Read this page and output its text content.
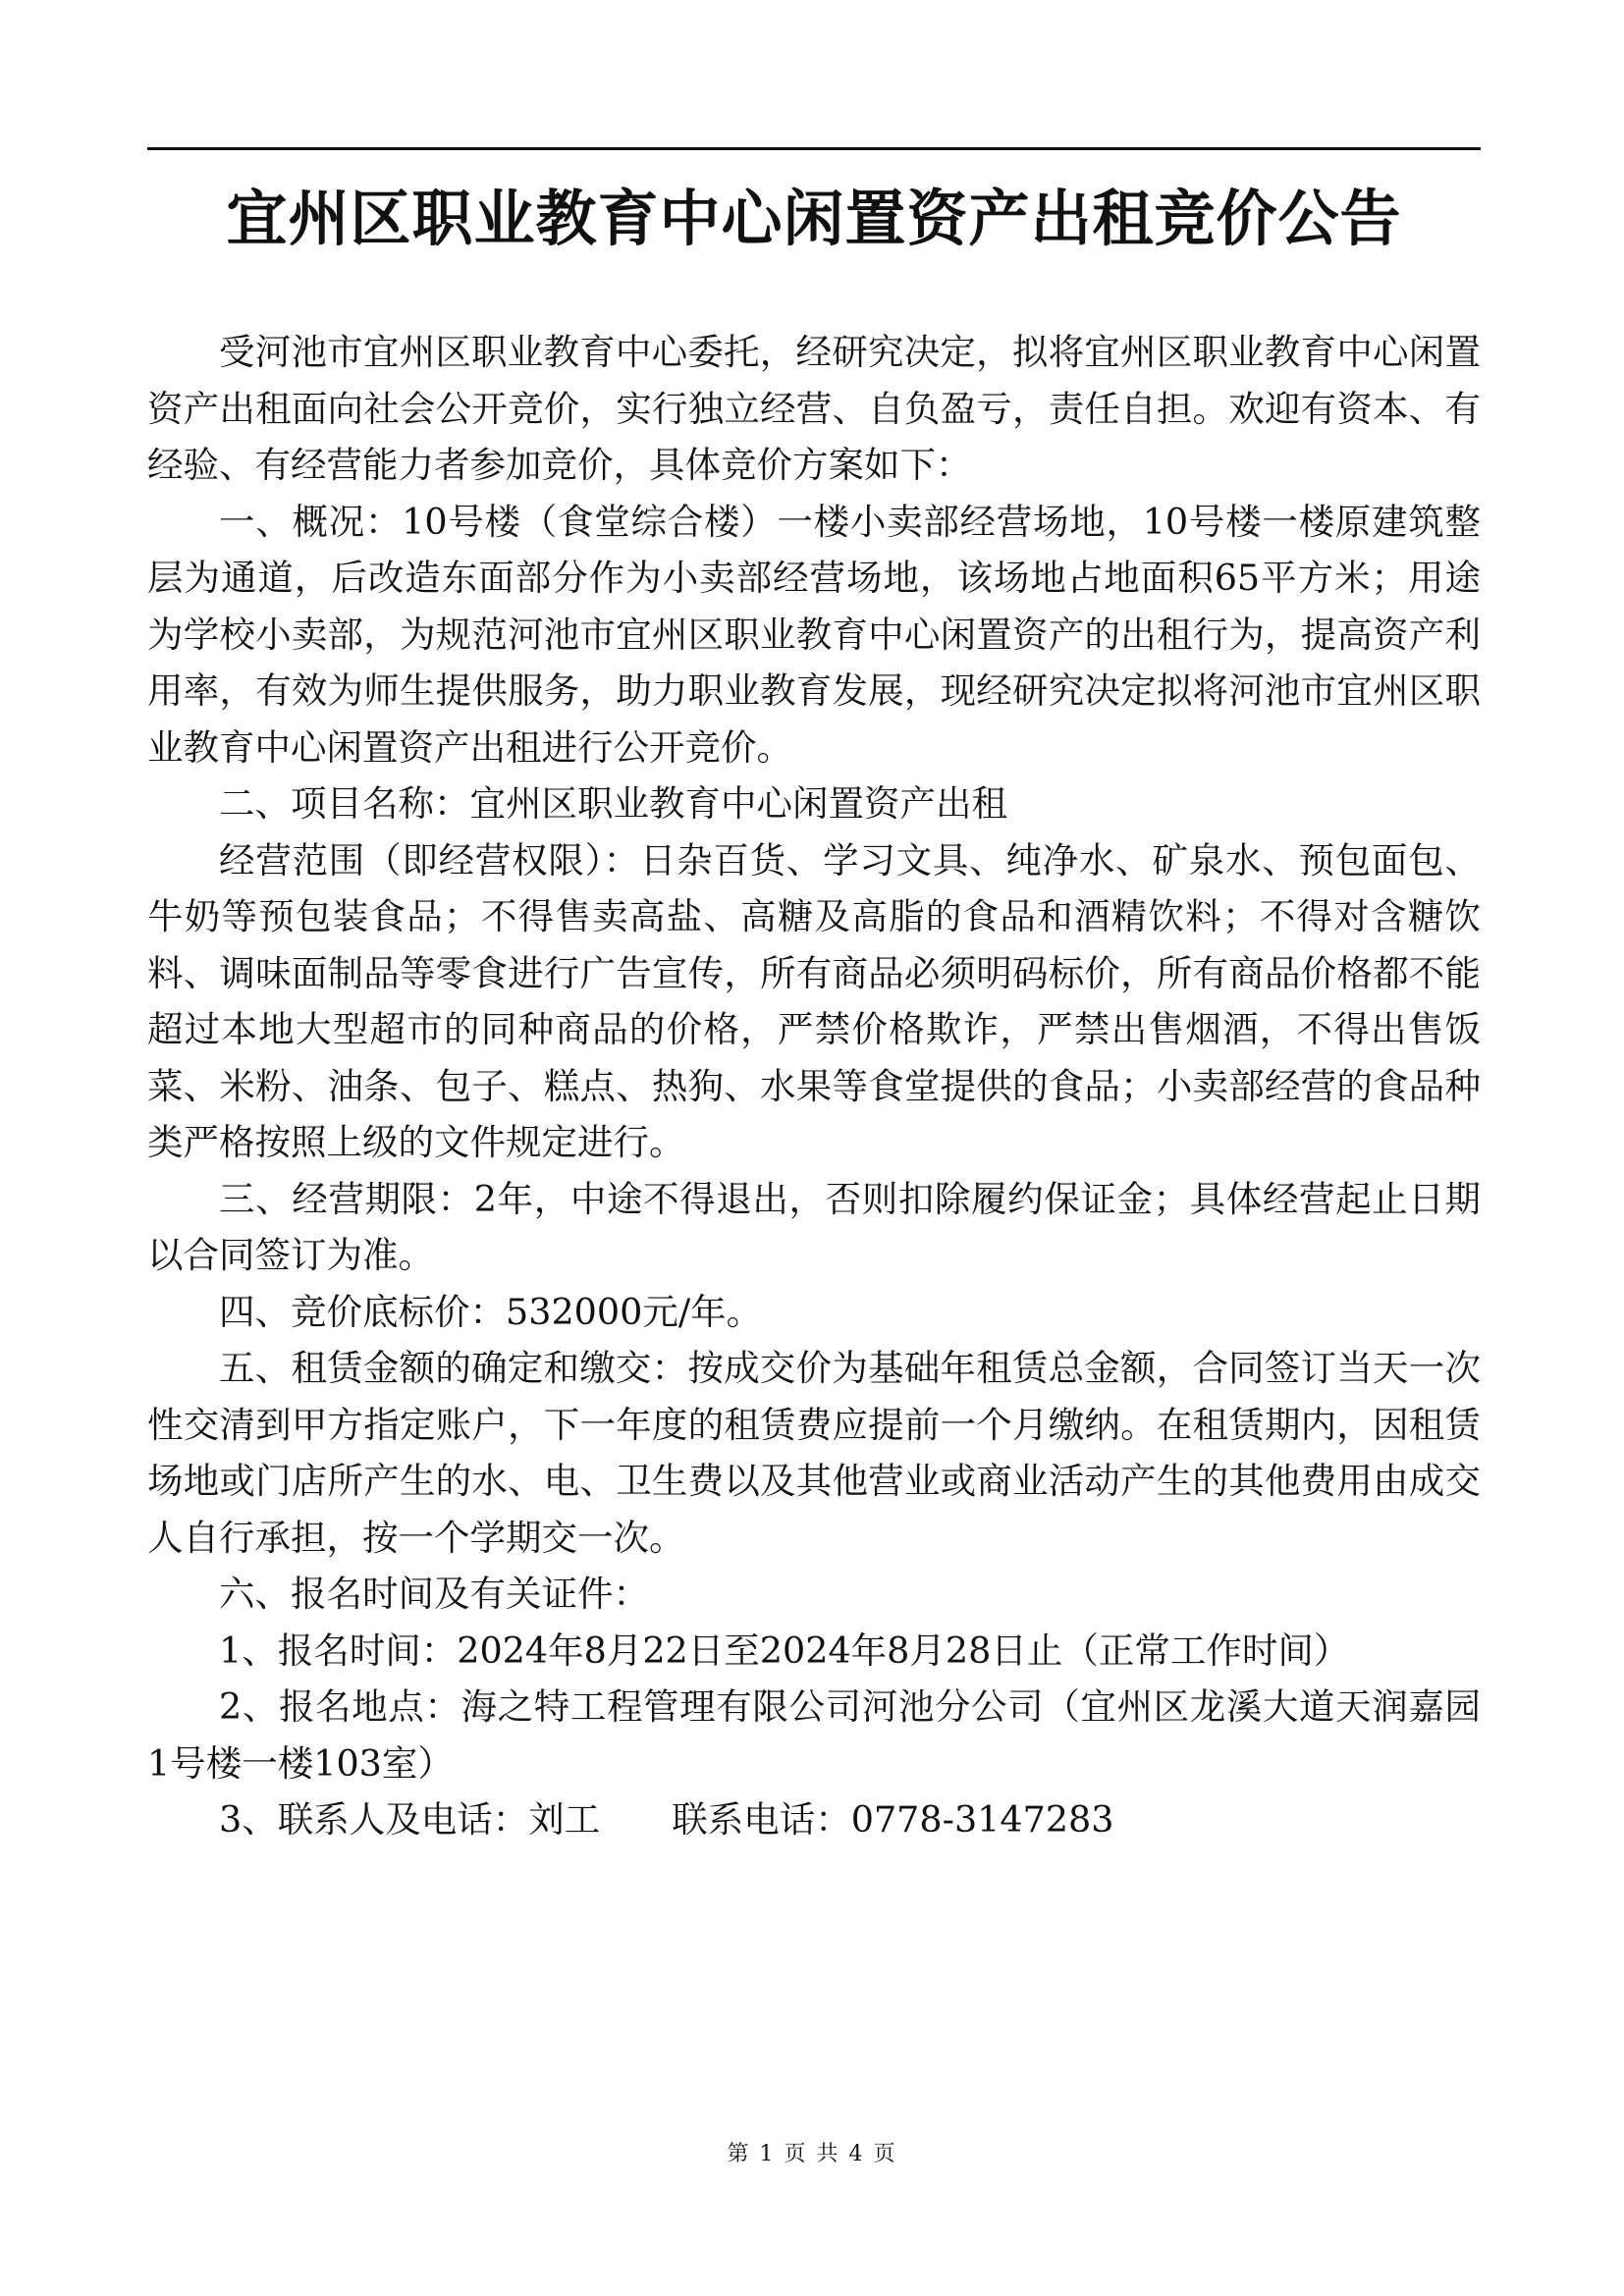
宜州区职业教育中心闲置资产出租竞价公告

受河池市宜州区职业教育中心委托，经研究决定，拟将宜州区职业教育中心闲置资产出租面向社会公开竞价，实行独立经营、自负盈亏，责任自担。欢迎有资本、有经验、有经营能力者参加竞价，具体竞价方案如下：

一、概况：10号楼（食堂综合楼）一楼小卖部经营场地，10号楼一楼原建筑整层为通道，后改造东面部分作为小卖部经营场地，该场地占地面积65平方米；用途为学校小卖部，为规范河池市宜州区职业教育中心闲置资产的出租行为，提高资产利用率，有效为师生提供服务，助力职业教育发展，现经研究决定拟将河池市宜州区职业教育中心闲置资产出租进行公开竞价。

二、项目名称：宜州区职业教育中心闲置资产出租

经营范围（即经营权限）：日杂百货、学习文具、纯净水、矿泉水、预包面包、牛奶等预包装食品；不得售卖高盐、高糖及高脂的食品和酒精饮料；不得对含糖饮料、调味面制品等零食进行广告宣传，所有商品必须明码标价，所有商品价格都不能超过本地大型超市的同种商品的价格，严禁价格欺诈，严禁出售烟酒，不得出售饭菜、米粉、油条、包子、糕点、热狗、水果等食堂提供的食品；小卖部经营的食品种类严格按照上级的文件规定进行。

三、经营期限：2年，中途不得退出，否则扣除履约保证金；具体经营起止日期以合同签订为准。

四、竞价底标价：532000元/年。

五、租赁金额的确定和缴交：按成交价为基础年租赁总金额，合同签订当天一次性交清到甲方指定账户，下一年度的租赁费应提前一个月缴纳。在租赁期内，因租赁场地或门店所产生的水、电、卫生费以及其他营业或商业活动产生的其他费用由成交人自行承担，按一个学期交一次。

六、报名时间及有关证件：

1、报名时间：2024年8月22日至2024年8月28日止（正常工作时间）

2、报名地点：海之特工程管理有限公司河池分公司（宜州区龙溪大道天润嘉园1号楼一楼103室）

3、联系人及电话：刘工　　联系电话：0778-3147283

第 1 页 共 4 页
